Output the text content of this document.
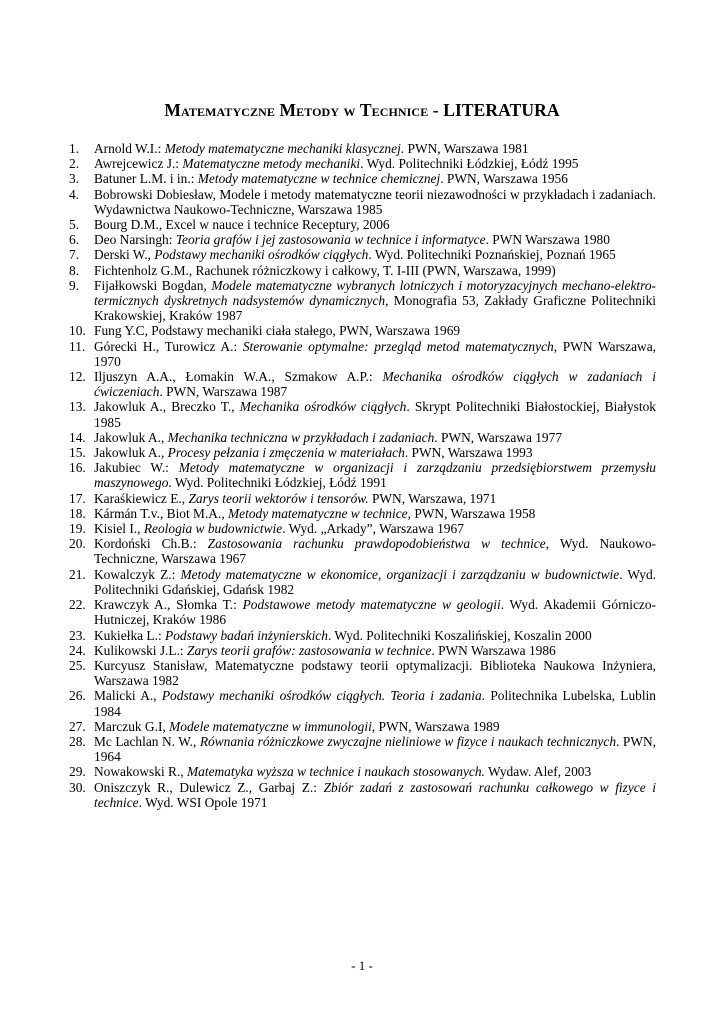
Matematyczne Metody w Technice - LITERATURA
1. Arnold W.I.: Metody matematyczne mechaniki klasycznej. PWN, Warszawa 1981
2. Awrejcewicz J.: Matematyczne metody mechaniki. Wyd. Politechniki Łódzkiej, Łódź 1995
3. Batuner L.M. i in.: Metody matematyczne w technice chemicznej. PWN, Warszawa 1956
4. Bobrowski Dobiesław, Modele i metody matematyczne teorii niezawodności w przykładach i zadaniach. Wydawnictwa Naukowo-Techniczne, Warszawa 1985
5. Bourg D.M., Excel w nauce i technice Receptury, 2006
6. Deo Narsingh: Teoria grafów i jej zastosowania w technice i informatyce. PWN Warszawa 1980
7. Derski W., Podstawy mechaniki ośrodków ciągłych. Wyd. Politechniki Poznańskiej, Poznań 1965
8. Fichtenholz G.M., Rachunek różniczkowy i całkowy, T. I-III (PWN, Warszawa, 1999)
9. Fijałkowski Bogdan, Modele matematyczne wybranych lotniczych i motoryzacyjnych mechano-elektro-termicznych dyskretnych nadsystemów dynamicznych, Monografia 53, Zakłady Graficzne Politechniki Krakowskiej, Kraków 1987
10. Fung Y.C, Podstawy mechaniki ciała stałego, PWN, Warszawa 1969
11. Górecki H., Turowicz A.: Sterowanie optymalne: przegląd metod matematycznych, PWN Warszawa, 1970
12. Iljuszyn A.A., Łomakin W.A., Szmakow A.P.: Mechanika ośrodków ciągłych w zadaniach i ćwiczeniach. PWN, Warszawa 1987
13. Jakowluk A., Breczko T., Mechanika ośrodków ciągłych. Skrypt Politechniki Białostockiej, Białystok 1985
14. Jakowluk A., Mechanika techniczna w przykładach i zadaniach. PWN, Warszawa 1977
15. Jakowluk A., Procesy pełzania i zmęczenia w materiałach. PWN, Warszawa 1993
16. Jakubiec W.: Metody matematyczne w organizacji i zarządzaniu przedsiębiorstwem przemysłu maszynowego. Wyd. Politechniki Łódzkiej, Łódź 1991
17. Karaśkiewicz E., Zarys teorii wektorów i tensorów. PWN, Warszawa, 1971
18. Kármán T.v., Biot M.A., Metody matematyczne w technice, PWN, Warszawa 1958
19. Kisiel I., Reologia w budownictwie. Wyd. „Arkady”, Warszawa 1967
20. Kordoński Ch.B.: Zastosowania rachunku prawdopodobieństwa w technice, Wyd. Naukowo-Techniczne, Warszawa 1967
21. Kowalczyk Z.: Metody matematyczne w ekonomice, organizacji i zarządzaniu w budownictwie. Wyd. Politechniki Gdańskiej, Gdańsk 1982
22. Krawczyk A., Słomka T.: Podstawowe metody matematyczne w geologii. Wyd. Akademii Górniczo-Hutniczej, Kraków 1986
23. Kukiełka L.: Podstawy badań inżynierskich. Wyd. Politechniki Koszalińskiej, Koszalin 2000
24. Kulikowski J.L.: Zarys teorii grafów: zastosowania w technice. PWN Warszawa 1986
25. Kurcyusz Stanisław, Matematyczne podstawy teorii optymalizacji. Biblioteka Naukowa Inżyniera, Warszawa 1982
26. Malicki A., Podstawy mechaniki ośrodków ciągłych. Teoria i zadania. Politechnika Lubelska, Lublin 1984
27. Marczuk G.I, Modele matematyczne w immunologii, PWN, Warszawa 1989
28. Mc Lachlan N. W., Równania różniczkowe zwyczajne nieliniowe w fizyce i naukach technicznych. PWN, 1964
29. Nowakowski R., Matematyka wyższa w technice i naukach stosowanych. Wydaw. Alef, 2003
30. Oniszczyk R., Dulewicz Z., Garbaj Z.: Zbiór zadań z zastosowań rachunku całkowego w fizyce i technice. Wyd. WSI Opole 1971
- 1 -
